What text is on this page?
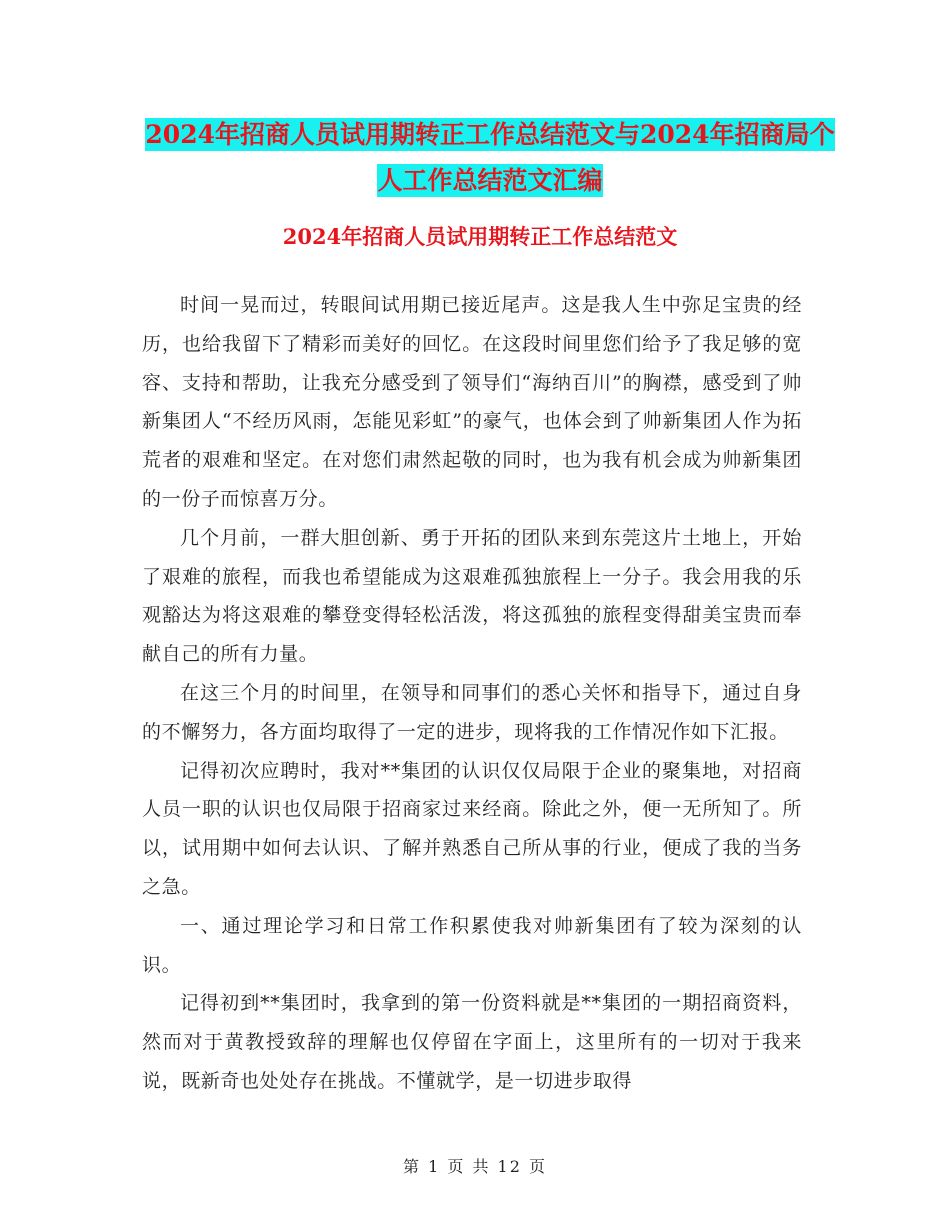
2024年招商人员试用期转正工作总结范文与2024年招商局个人工作总结范文汇编
2024年招商人员试用期转正工作总结范文

时间一晃而过，转眼间试用期已接近尾声。这是我人生中弥足宝贵的经历，也给我留下了精彩而美好的回忆。在这段时间里您们给予了我足够的宽容、支持和帮助，让我充分感受到了领导们“海纳百川”的胸襟，感受到了帅新集团人“不经历风雨，怎能见彩虹”的豪气，也体会到了帅新集团人作为拓荒者的艰难和坚定。在对您们肃然起敬的同时，也为我有机会成为帅新集团的一份子而惊喜万分。

几个月前，一群大胆创新、勇于开拓的团队来到东莞这片土地上，开始了艰难的旅程，而我也希望能成为这艰难孤独旅程上一分子。我会用我的乐观豁达为将这艰难的攀登变得轻松活泼，将这孤独的旅程变得甜美宝贵而奉献自己的所有力量。

在这三个月的时间里，在领导和同事们的悉心关怀和指导下，通过自身的不懈努力，各方面均取得了一定的进步，现将我的工作情况作如下汇报。

记得初次应聘时，我对**集团的认识仅仅局限于企业的聚集地，对招商人员一职的认识也仅局限于招商家过来经商。除此之外，便一无所知了。所以，试用期中如何去认识、了解并熟悉自己所从事的行业，便成了我的当务之急。

一、通过理论学习和日常工作积累使我对帅新集团有了较为深刻的认识。

记得初到**集团时，我拿到的第一份资料就是**集团的一期招商资料，然而对于黄教授致辞的理解也仅停留在字面上，这里所有的一切对于我来说，既新奇也处处存在挑战。不懂就学，是一切进步取得

第 1 页 共 12 页
